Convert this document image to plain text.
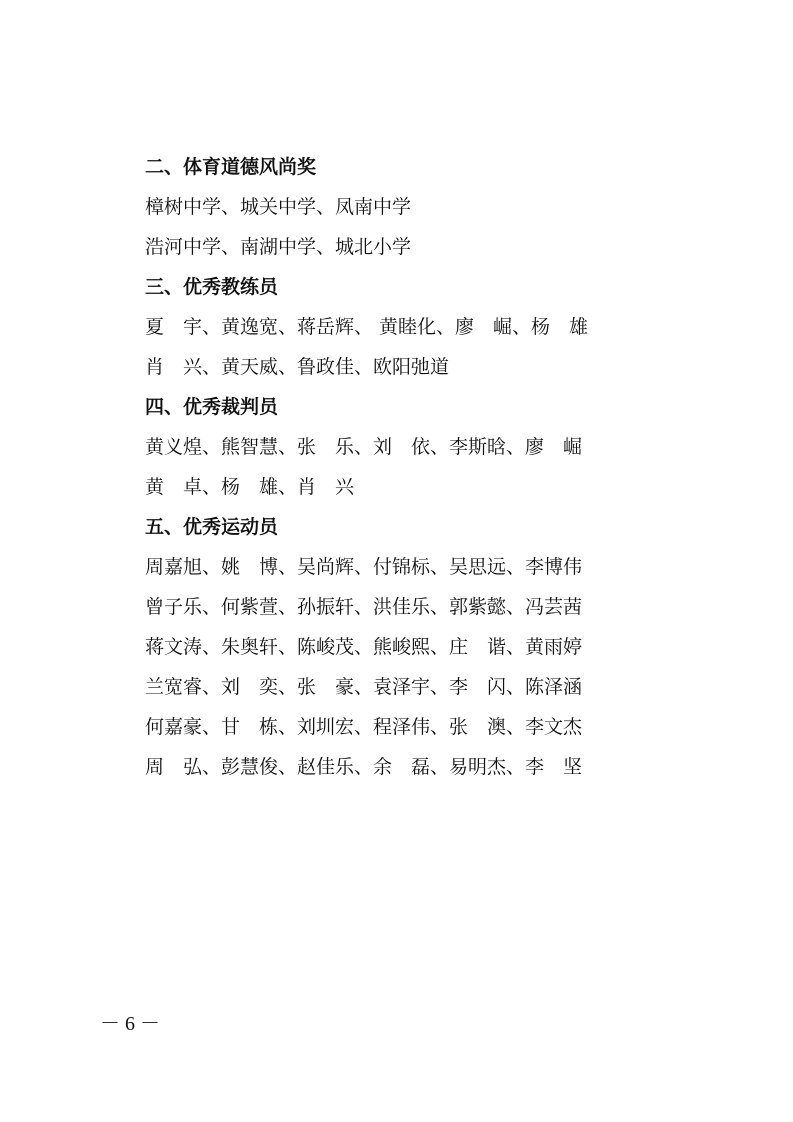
二、体育道德风尚奖
樟树中学、城关中学、凤南中学
浩河中学、南湖中学、城北小学
三、优秀教练员
夏　宇、黄逸宽、蒋岳辉、 黄睦化、廖　崛、杨　雄
肖　兴、黄天威、鲁政佳、欧阳弛道
四、优秀裁判员
黄义煌、熊智慧、张　乐、刘　依、李斯晗、廖　崛
黄　卓、杨　雄、肖　兴
五、优秀运动员
周嘉旭、姚　博、吴尚辉、付锦标、吴思远、李博伟
曾子乐、何紫萱、孙振轩、洪佳乐、郭紫懿、冯芸茜
蒋文涛、朱奥轩、陈峻茂、熊峻熙、庄　谐、黄雨婷
兰宽睿、刘　奕、张　豪、袁泽宇、李　闪、陈泽涵
何嘉豪、甘　栋、刘圳宏、程泽伟、张　澳、李文杰
周　弘、彭慧俊、赵佳乐、余　磊、易明杰、李　坚
－ 6 －
